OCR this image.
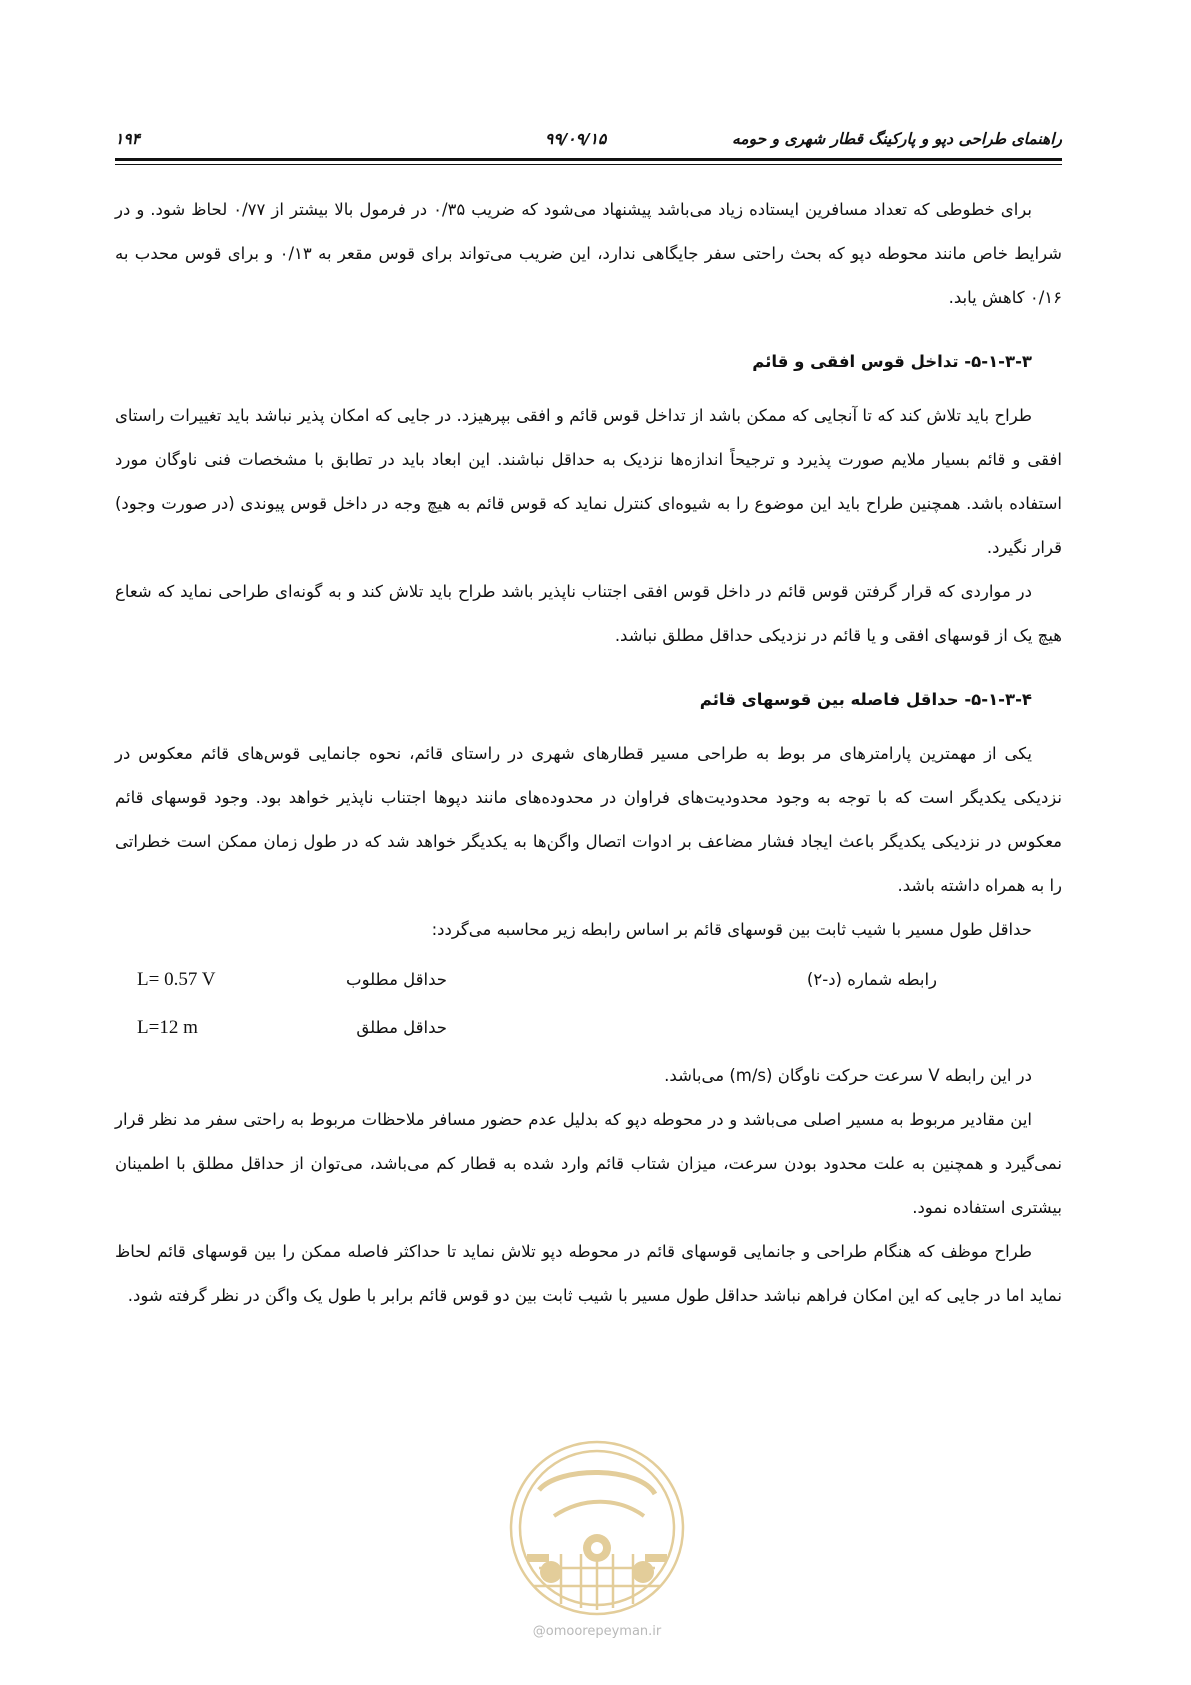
راهنمای طراحی دپو و پارکینگ قطار شهری و حومه
۹۹/۰۹/۱۵
۱۹۴

برای خطوطی که تعداد مسافرین ایستاده زیاد می‌باشد پیشنهاد می‌شود که ضریب ۰/۳۵ در فرمول بالا بیشتر از ۰/۷۷ لحاظ شود. و در شرایط خاص مانند محوطه دپو که بحث راحتی سفر جایگاهی ندارد، این ضریب می‌تواند برای قوس مقعر به ۰/۱۳ و برای قوس محدب به ۰/۱۶ کاهش یابد.

۵-۱-۳-۳- تداخل قوس افقی و قائم

طراح باید تلاش کند که تا آنجایی که ممکن باشد از تداخل قوس قائم و افقی بپرهیزد. در جایی که امکان پذیر نباشد باید تغییرات راستای افقی و قائم بسیار ملایم صورت پذیرد و ترجیحاً اندازه‌ها نزدیک به حداقل نباشند. این ابعاد باید در تطابق با مشخصات فنی ناوگان مورد استفاده باشد. همچنین طراح باید این موضوع را به شیوه‌ای کنترل نماید که قوس قائم به هیچ وجه در داخل قوس پیوندی (در صورت وجود) قرار نگیرد.

در مواردی که قرار گرفتن قوس قائم در داخل قوس افقی اجتناب ناپذیر باشد طراح باید تلاش کند و به گونه‌ای طراحی نماید که شعاع هیچ یک از قوسهای افقی و یا قائم در نزدیکی حداقل مطلق نباشد.

۵-۱-۳-۴- حداقل فاصله بین قوسهای قائم

یکی از مهمترین پارامترهای مر بوط به طراحی مسیر قطارهای شهری در راستای قائم، نحوه جانمایی قوس‌های قائم معکوس در نزدیکی یکدیگر است که با توجه به وجود محدودیت‌های فراوان در محدوده‌های مانند دپوها اجتناب ناپذیر خواهد بود. وجود قوسهای قائم معکوس در نزدیکی یکدیگر باعث ایجاد فشار مضاعف بر ادوات اتصال واگن‌ها به یکدیگر خواهد شد که در طول زمان ممکن است خطراتی را به همراه داشته باشد.

حداقل طول مسیر با شیب ثابت بین قوسهای قائم بر اساس رابطه زیر محاسبه می‌گردد:

رابطه شماره (د-۲)
حداقل مطلوب
L= 0.57 V
حداقل مطلق
L=12 m

در این رابطه V سرعت حرکت ناوگان (m/s) می‌باشد.

این مقادیر مربوط به مسیر اصلی می‌باشد و در محوطه دپو که بدلیل عدم حضور مسافر ملاحظات مربوط به راحتی سفر مد نظر قرار نمی‌گیرد و همچنین به علت محدود بودن سرعت، میزان شتاب قائم وارد شده به قطار کم می‌باشد، می‌توان از حداقل مطلق با اطمینان بیشتری استفاده نمود.

طراح موظف که هنگام طراحی و جانمایی قوسهای قائم در محوطه دپو تلاش نماید تا حداکثر فاصله ممکن را بین قوسهای قائم لحاظ نماید اما در جایی که این امکان فراهم نباشد حداقل طول مسیر با شیب ثابت بین دو قوس قائم برابر با طول یک واگن در نظر گرفته شود.

@omoorepeyman.ir
